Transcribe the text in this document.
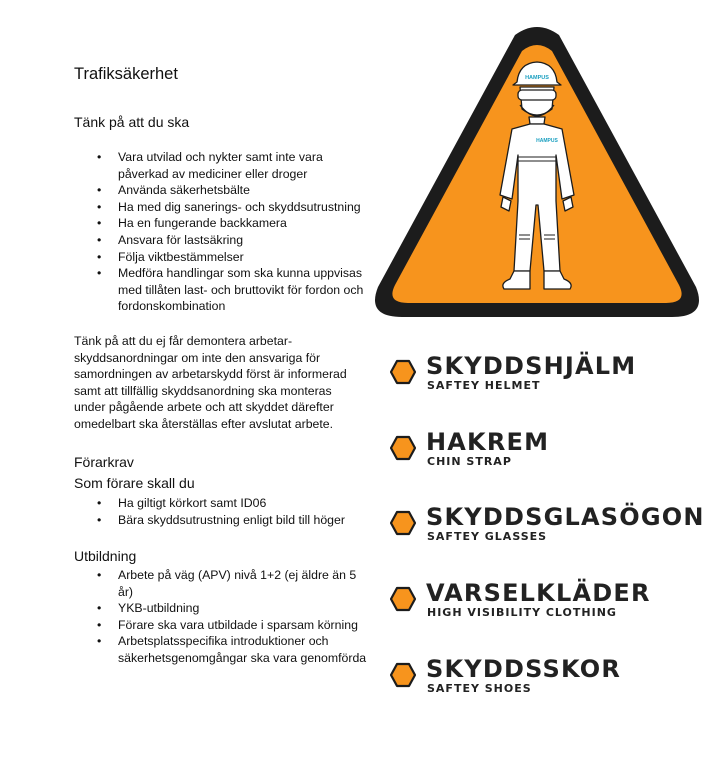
Trafiksäkerhet
Tänk på att du ska
• Vara utvilad och nykter samt inte vara påverkad av mediciner eller droger
• Använda säkerhetsbälte
• Ha med dig sanerings- och skyddsutrustning
• Ha en fungerande backkamera
• Ansvara för lastsäkring
• Följa viktbestämmelser
• Medföra handlingar som ska kunna uppvisas med tillåten last- och bruttovikt för fordon och fordonskombination
Tänk på att du ej får demontera arbetar-skyddsanordningar om inte den ansvariga för samordningen av arbetarskydd först är informerad samt att tillfällig skyddsanordning ska monteras under pågående arbete och att skyddet därefter omedelbart ska återställas efter avslutat arbete.
Förarkrav
Som förare skall du
• Ha giltigt körkort samt ID06
• Bära skyddsutrustning enligt bild till höger
Utbildning
• Arbete på väg (APV) nivå 1+2 (ej äldre än 5 år)
• YKB-utbildning
• Förare ska vara utbildade i sparsam körning
• Arbetsplatsspecifika introduktioner och säkerhetsgenomgångar ska vara genomförda
HAMPUS
HAMPUS
SKYDDSHJÄLM
SAFTEY HELMET
HAKREM
CHIN STRAP
SKYDDSGLASÖGON
SAFTEY GLASSES
VARSELKLÄDER
HIGH VISIBILITY CLOTHING
SKYDDSSKOR
SAFTEY SHOES
